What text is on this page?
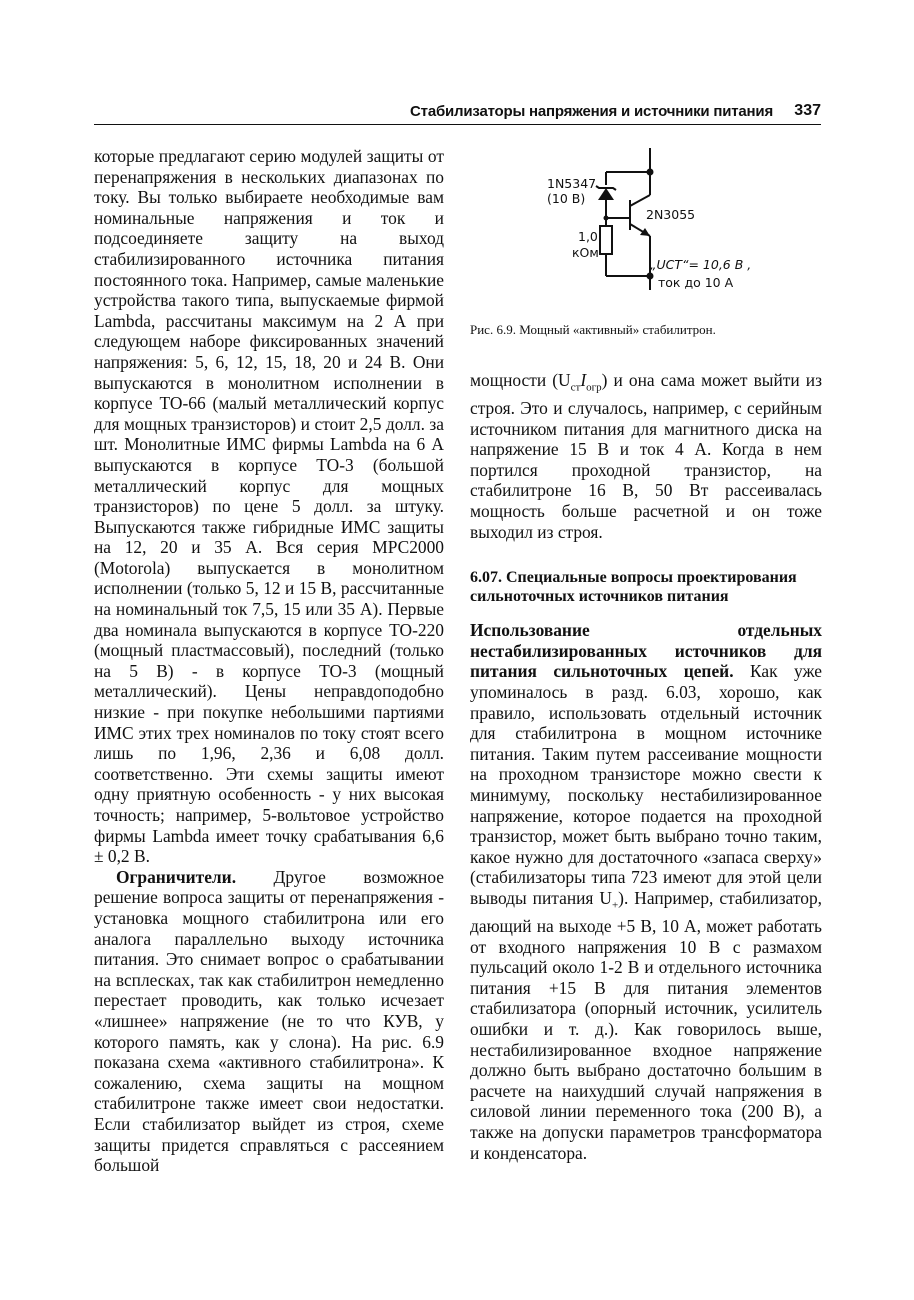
Стабилизаторы напряжения и источники питания 337

которые предлагают серию модулей защиты от перенапряжения в нескольких диапазонах по току. Вы только выбираете необходимые вам номинальные напряжения и ток и подсоединяете защиту на выход стабилизированного источника питания постоянного тока. Например, самые маленькие устройства такого типа, выпускаемые фирмой Lambda, рассчитаны максимум на 2 А при следующем наборе фиксированных значений напряжения: 5, 6, 12, 15, 18, 20 и 24 В. Они выпускаются в монолитном исполнении в корпусе ТО-66 (малый металлический корпус для мощных транзисторов) и стоит 2,5 долл. за шт. Монолитные ИМС фирмы Lambda на 6 А выпускаются в корпусе ТО-3 (большой металлический корпус для мощных транзисторов) по цене 5 долл. за штуку. Выпускаются также гибридные ИМС защиты на 12, 20 и 35 А. Вся серия МРС2000 (Motorola) выпускается в монолитном исполнении (только 5, 12 и 15 В, рассчитанные на номинальный ток 7,5, 15 или 35 А). Первые два номинала выпускаются в корпусе ТО-220 (мощный пластмассовый), последний (только на 5 В) - в корпусе ТО-3 (мощный металлический). Цены неправдоподобно низкие - при покупке небольшими партиями ИМС этих трех номиналов по току стоят всего лишь по 1,96, 2,36 и 6,08 долл. соответственно. Эти схемы защиты имеют одну приятную особенность - у них высокая точность; например, 5-вольтовое устройство фирмы Lambda имеет точку срабатывания 6,6 ± 0,2 В.

Ограничители. Другое возможное решение вопроса защиты от перенапряжения - установка мощного стабилитрона или его аналога параллельно выходу источника питания. Это снимает вопрос о срабатывании на всплесках, так как стабилитрон немедленно перестает проводить, как только исчезает «лишнее» напряжение (не то что КУВ, у которого память, как у слона). На рис. 6.9 показана схема «активного стабилитрона». К сожалению, схема защиты на мощном стабилитроне также имеет свои недостатки. Если стабилизатор выйдет из строя, схеме защиты придется справляться с рассеянием большой

1N5347
(10 В)
2N3055
1,0
кОм
„UСТ“= 10,6 В ,
ток до 10 А
Рис. 6.9. Мощный «активный» стабилитрон.

мощности $(U_{ст}I_{огр})$ и она сама может выйти из строя. Это и случалось, например, с серийным источником питания для магнитного диска на напряжение 15 В и ток 4 А. Когда в нем портился проходной транзистор, на стабилитроне 16 В, 50 Вт рассеивалась мощность больше расчетной и он тоже выходил из строя.

6.07. Специальные вопросы проектирования сильноточных источников питания

Использование отдельных нестабилизированных источников для питания сильноточных цепей. Как уже упоминалось в разд. 6.03, хорошо, как правило, использовать отдельный источник для стабилитрона в мощном источнике питания. Таким путем рассеивание мощности на проходном транзисторе можно свести к минимуму, поскольку нестабилизированное напряжение, которое подается на проходной транзистор, может быть выбрано точно таким, какое нужно для достаточного «запаса сверху» (стабилизаторы типа 723 имеют для этой цели выводы питания $U_+$). Например, стабилизатор, дающий на выходе +5 В, 10 А, может работать от входного напряжения 10 В с размахом пульсаций около 1-2 В и отдельного источника питания +15 В для питания элементов стабилизатора (опорный источник, усилитель ошибки и т. д.). Как говорилось выше, нестабилизированное входное напряжение должно быть выбрано достаточно большим в расчете на наихудший случай напряжения в силовой линии переменного тока (200 В), а также на допуски параметров трансформатора и конденсатора.
